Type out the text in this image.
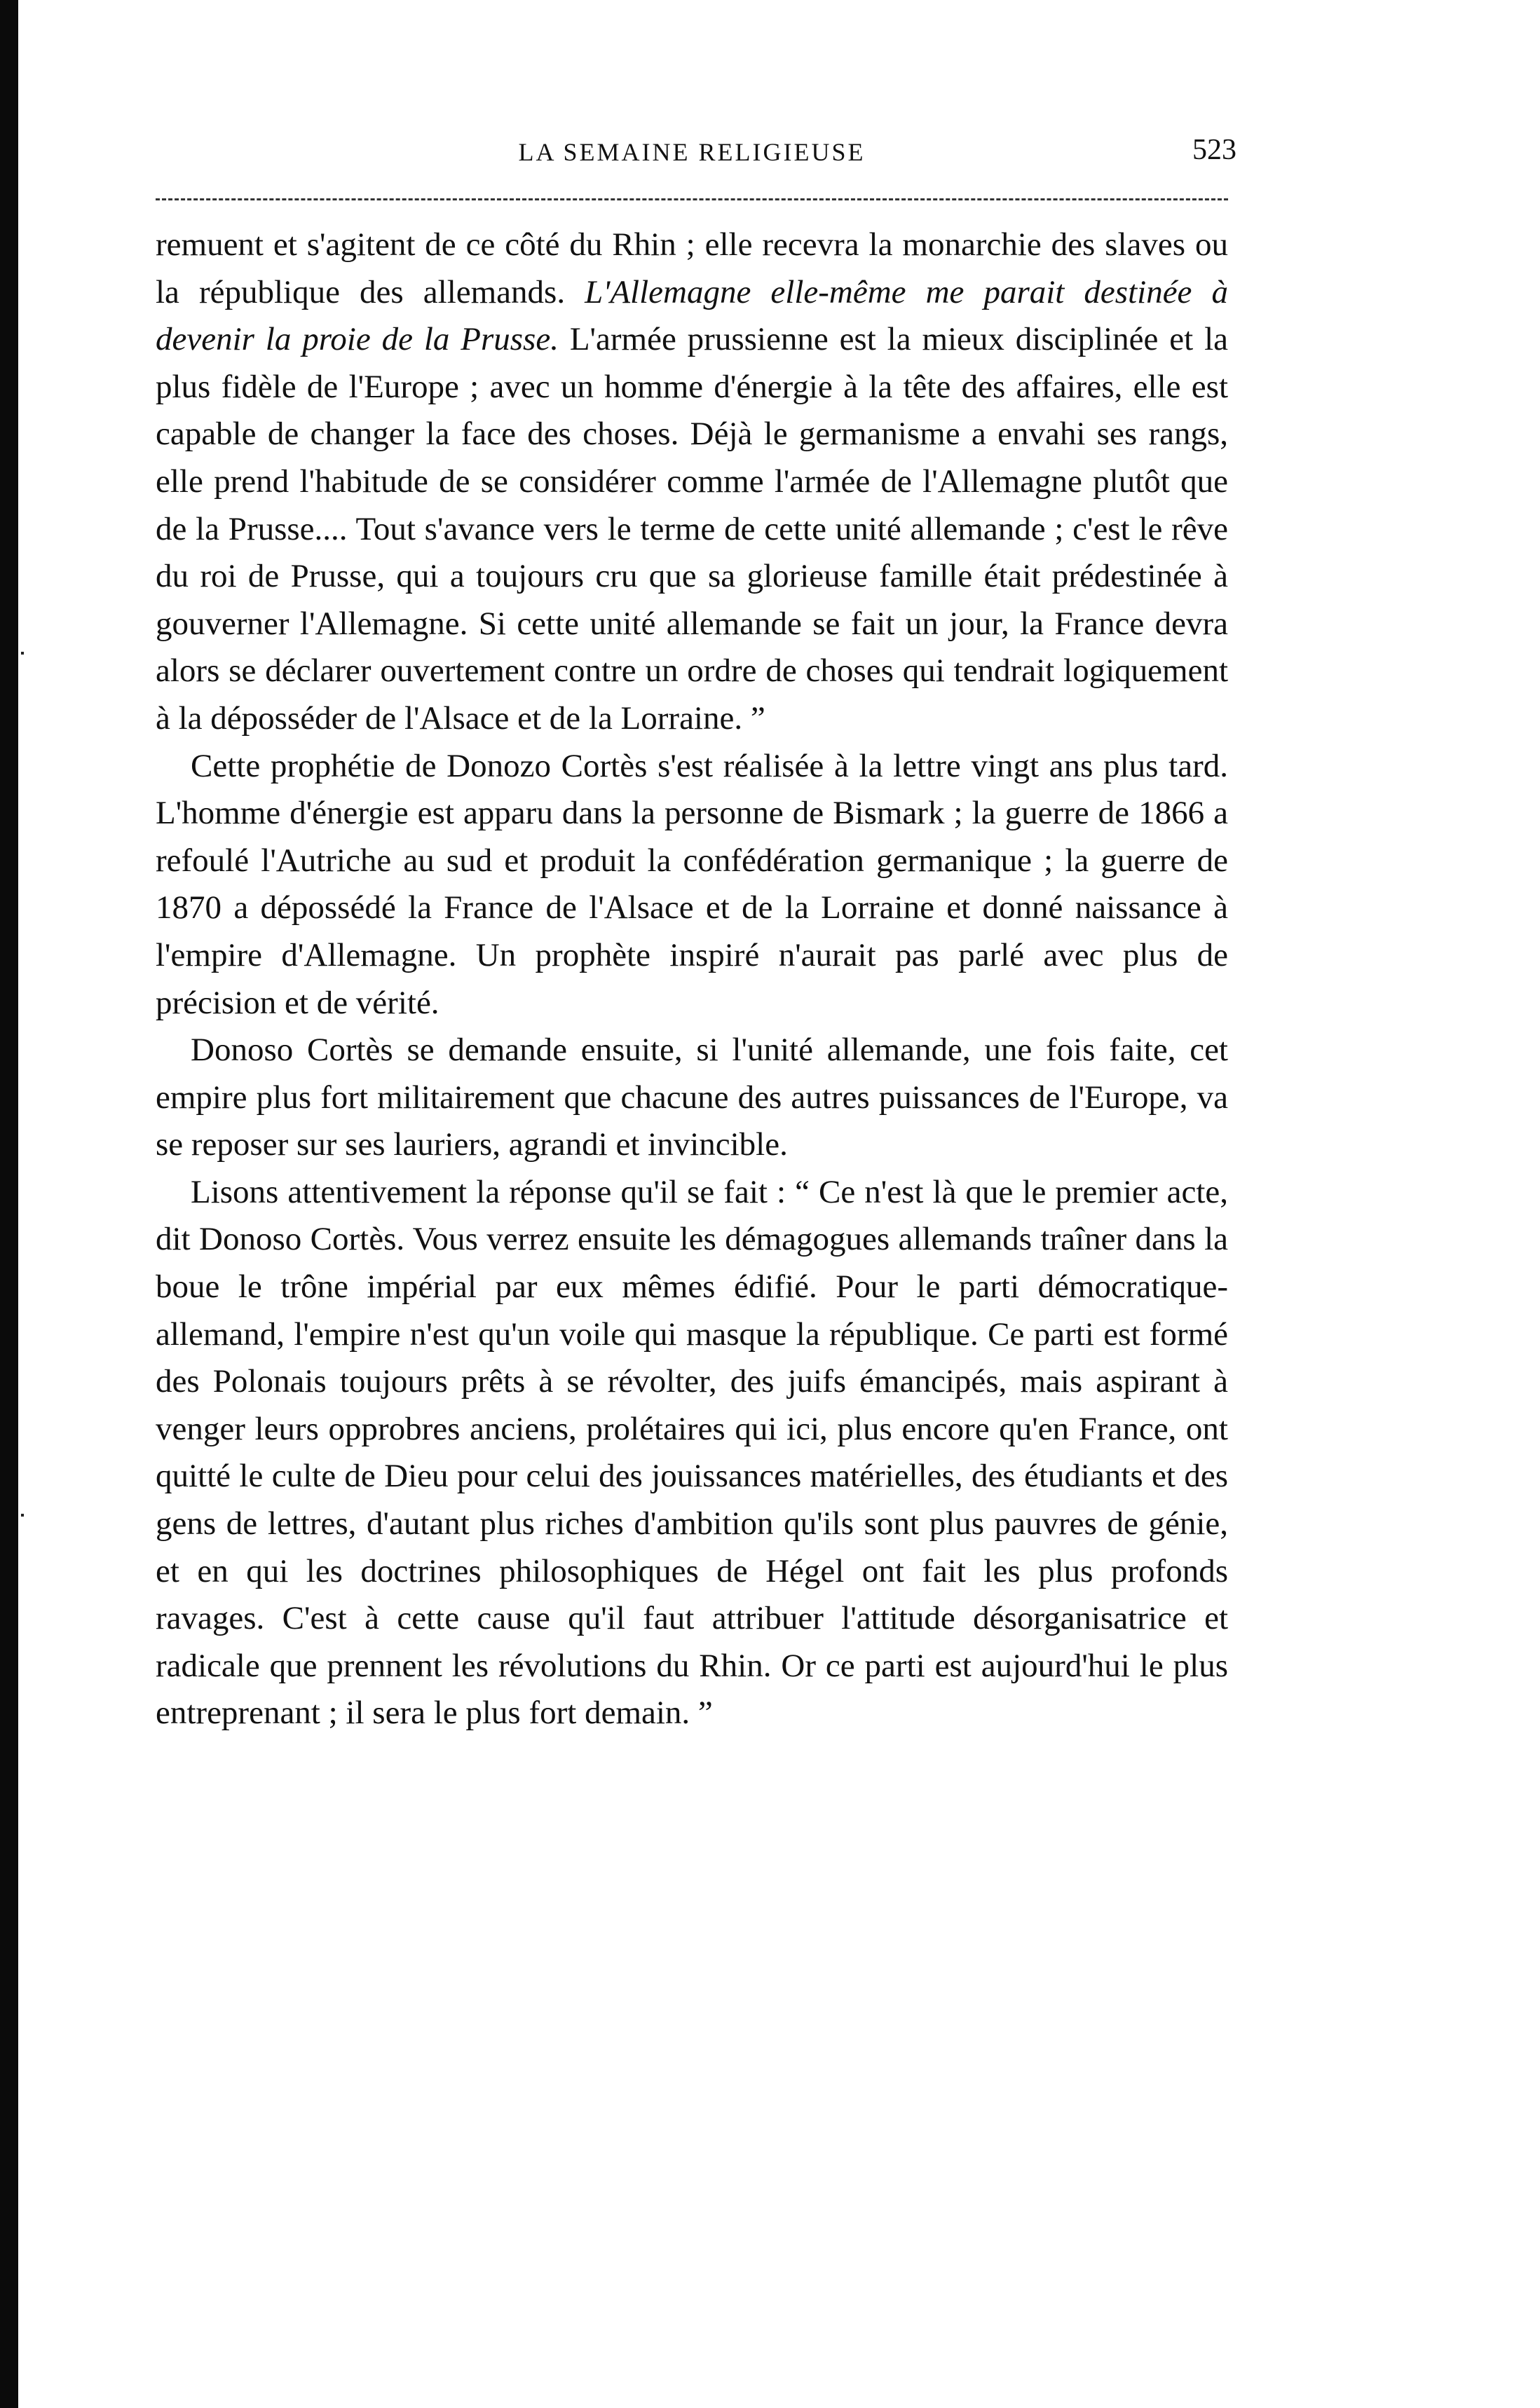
LA SEMAINE RELIGIEUSE	523

remuent et s'agitent de ce côté du Rhin ; elle recevra la monarchie des slaves ou la république des allemands. L'Allemagne elle-même me parait destinée à devenir la proie de la Prusse. L'armée prussienne est la mieux disciplinée et la plus fidèle de l'Europe ; avec un homme d'énergie à la tête des affaires, elle est capable de changer la face des choses. Déjà le germanisme a envahi ses rangs, elle prend l'habitude de se considérer comme l'armée de l'Allemagne plutôt que de la Prusse.... Tout s'avance vers le terme de cette unité allemande ; c'est le rêve du roi de Prusse, qui a toujours cru que sa glorieuse famille était prédestinée à gouverner l'Allemagne. Si cette unité allemande se fait un jour, la France devra alors se déclarer ouvertement contre un ordre de choses qui tendrait logiquement à la déposséder de l'Alsace et de la Lorraine. ”

Cette prophétie de Donozo Cortès s'est réalisée à la lettre vingt ans plus tard. L'homme d'énergie est apparu dans la personne de Bismark ; la guerre de 1866 a refoulé l'Autriche au sud et produit la confédération germanique ; la guerre de 1870 a dépossédé la France de l'Alsace et de la Lorraine et donné naissance à l'empire d'Allemagne. Un prophète inspiré n'aurait pas parlé avec plus de précision et de vérité.

Donoso Cortès se demande ensuite, si l'unité allemande, une fois faite, cet empire plus fort militairement que chacune des autres puissances de l'Europe, va se reposer sur ses lauriers, agrandi et invincible.

Lisons attentivement la réponse qu'il se fait : “ Ce n'est là que le premier acte, dit Donoso Cortès. Vous verrez ensuite les démagogues allemands traîner dans la boue le trône impérial par eux mêmes édifié. Pour le parti démocratique-allemand, l'empire n'est qu'un voile qui masque la république. Ce parti est formé des Polonais toujours prêts à se révolter, des juifs émancipés, mais aspirant à venger leurs opprobres anciens, prolétaires qui ici, plus encore qu'en France, ont quitté le culte de Dieu pour celui des jouissances matérielles, des étudiants et des gens de lettres, d'autant plus riches d'ambition qu'ils sont plus pauvres de génie, et en qui les doctrines philosophiques de Hégel ont fait les plus profonds ravages. C'est à cette cause qu'il faut attribuer l'attitude désorganisatrice et radicale que prennent les révolutions du Rhin. Or ce parti est aujourd'hui le plus entreprenant ; il sera le plus fort demain. ”
